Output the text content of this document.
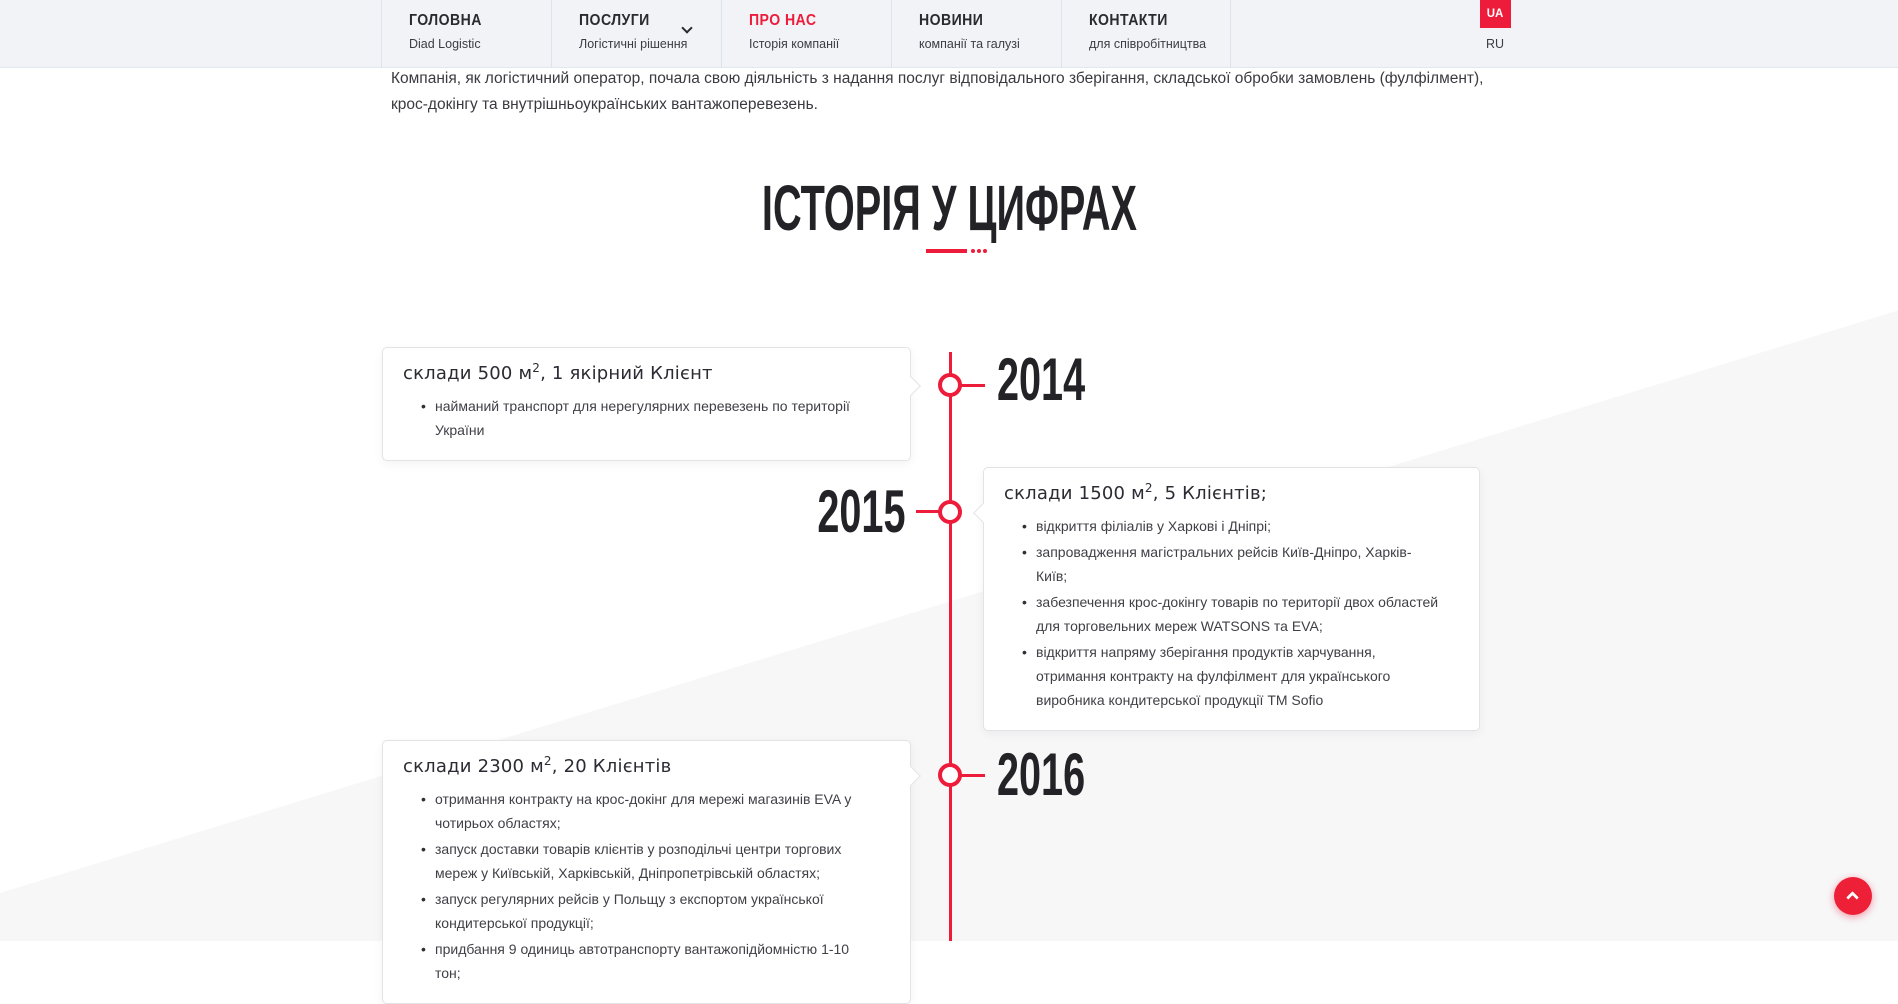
ГОЛОВНА
Diad Logistic
ПОСЛУГИ
Логістичні рішення
ПРО НАС
Історія компанії
НОВИНИ
компанії та галузі
КОНТАКТИ
для співробітництва
UA
RU
Компанія, як логістичний оператор, почала свою діяльність з надання послуг відповідального зберігання, складської обробки замовлень (фулфілмент),
крос-докінгу та внутрішньоукраїнських вантажоперевезень.
ІСТОРІЯ У ЦИФРАХ
склади 500 $м^2$, 1 якірний Клієнт
• найманий транспорт для нерегулярних перевезень по території України
2014
2015	склади 1500 $м^2$, 5 Клієнтів;
• відкриття філіалів у Харкові і Дніпрі;
• запровадження магістральних рейсів Київ-Дніпро, Харків-Київ;
• забезпечення крос-докінгу товарів по території двох областей для торговельних мереж WATSONS та EVA;
• відкриття напряму зберігання продуктів харчування, отримання контракту на фулфілмент для українського виробника кондитерської продукції ТМ Sofio
склади 2300 $м^2$, 20 Клієнтів
• отримання контракту на крос-докінг для мережі магазинів EVA у чотирьох областях;
• запуск доставки товарів клієнтів у розподільчі центри торгових мереж у Київській, Харківській, Дніпропетрівській областях;
• запуск регулярних рейсів у Польщу з експортом української кондитерської продукції;
• придбання 9 одиниць автотранспорту вантажопідйомністю 1-10 тон;
2016
